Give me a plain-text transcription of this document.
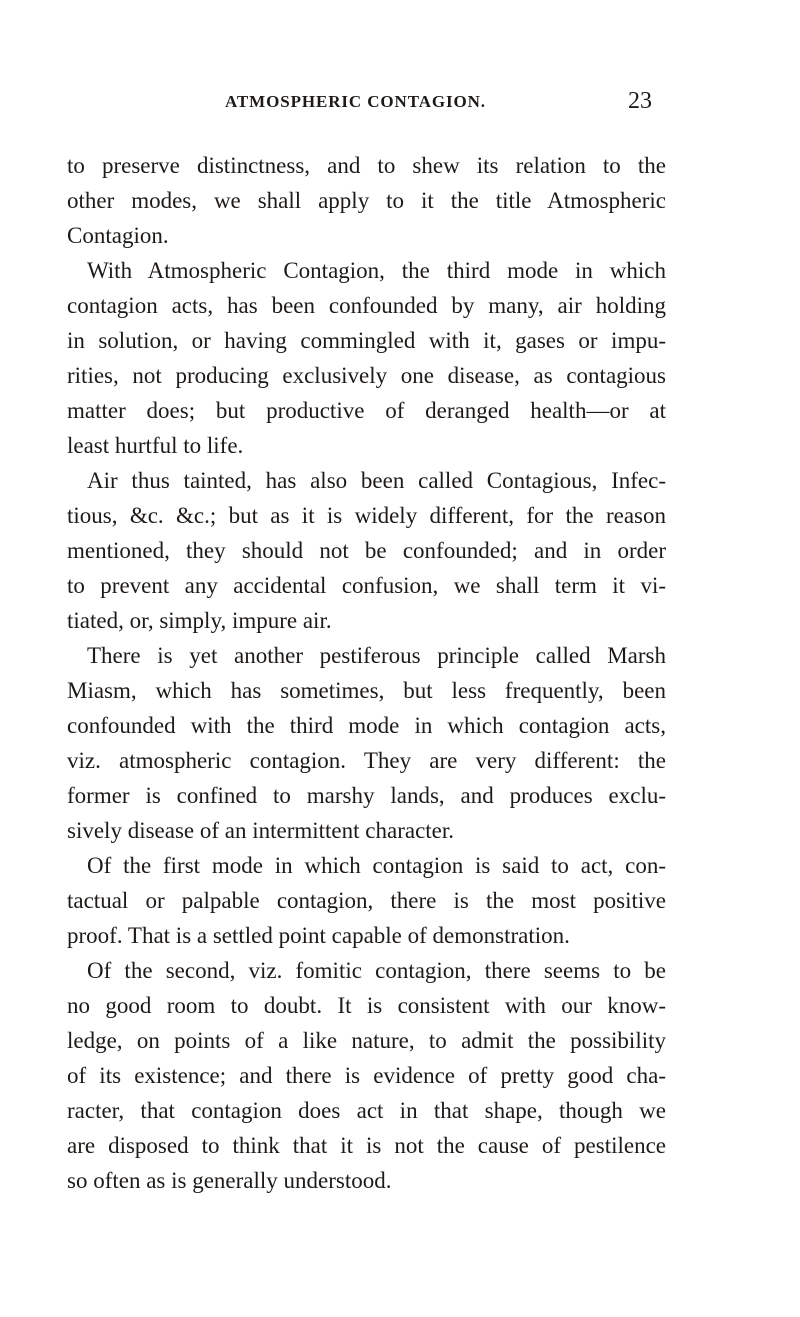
ATMOSPHERIC CONTAGION.	23
to preserve distinctness, and to shew its relation to the
other modes, we shall apply to it the title Atmospheric
Contagion.
With Atmospheric Contagion, the third mode in which
contagion acts, has been confounded by many, air holding
in solution, or having commingled with it, gases or impu-
rities, not producing exclusively one disease, as contagious
matter does; but productive of deranged health—or at
least hurtful to life.
Air thus tainted, has also been called Contagious, Infec-
tious, &c. &c.; but as it is widely different, for the reason
mentioned, they should not be confounded; and in order
to prevent any accidental confusion, we shall term it vi-
tiated, or, simply, impure air.
There is yet another pestiferous principle called Marsh
Miasm, which has sometimes, but less frequently, been
confounded with the third mode in which contagion acts,
viz. atmospheric contagion. They are very different: the
former is confined to marshy lands, and produces exclu-
sively disease of an intermittent character.
Of the first mode in which contagion is said to act, con-
tactual or palpable contagion, there is the most positive
proof. That is a settled point capable of demonstration.
Of the second, viz. fomitic contagion, there seems to be
no good room to doubt. It is consistent with our know-
ledge, on points of a like nature, to admit the possibility
of its existence; and there is evidence of pretty good cha-
racter, that contagion does act in that shape, though we
are disposed to think that it is not the cause of pestilence
so often as is generally understood.
